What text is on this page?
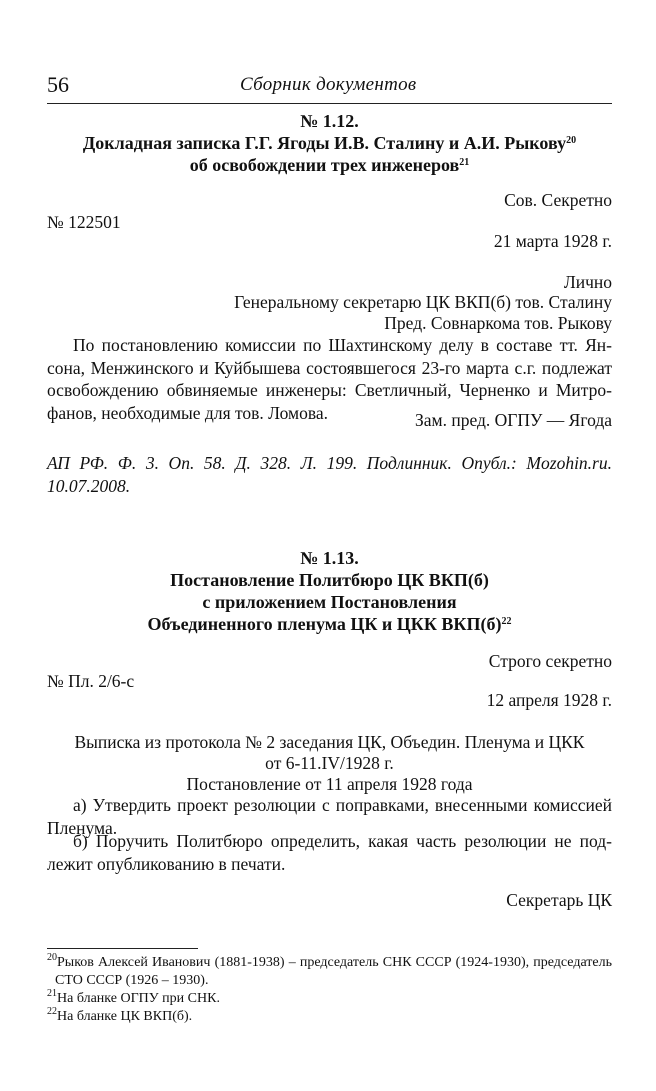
56	Сборник документов
№ 1.12.
Докладная записка Г.Г. Ягоды И.В. Сталину и А.И. Рыкову$^{20}$
об освобождении трех инженеров$^{21}$
Сов. Секретно
№ 122501
21 марта 1928 г.
Лично
Генеральному секретарю ЦК ВКП(б) тов. Сталину
Пред. Совнаркома тов. Рыкову
По постановлению комиссии по Шахтинскому делу в составе тт. Ян-
сона, Менжинского и Куйбышева состоявшегося 23-го марта с.г. подлежат
освобождению обвиняемые инженеры: Светличный, Черненко и Митро-
фанов, необходимые для тов. Ломова.	Зам. пред. ОГПУ — Ягода
АП РФ. Ф. 3. Оп. 58. Д. 328. Л. 199. Подлинник. Опубл.: Mozohin.ru.
10.07.2008.
№ 1.13.
Постановление Политбюро ЦК ВКП(б)
с приложением Постановления
Объединенного пленума ЦК и ЦКК $ВКП(б)^{22}$
Строго секретно
№ Пл. 2/6-с
12 апреля 1928 г.
Выписка из протокола № 2 заседания ЦК, Объедин. Пленума и ЦКК
от 6-11.IV/1928 г.
Постановление от 11 апреля 1928 года
а) Утвердить проект резолюции с поправками, внесенными комиссией
Пленума.
б) Поручить Политбюро определить, какая часть резолюции не под-
лежит опубликованию в печати.
Секретарь ЦК
$^{20}$Рыков Алексей Иванович (1881-1938) – председатель СНК СССР (1924-1930), председатель
СТО СССР (1926 – 1930).
$^{21}$На бланке ОГПУ при СНК.
$^{22}$На бланке ЦК ВКП(б).
